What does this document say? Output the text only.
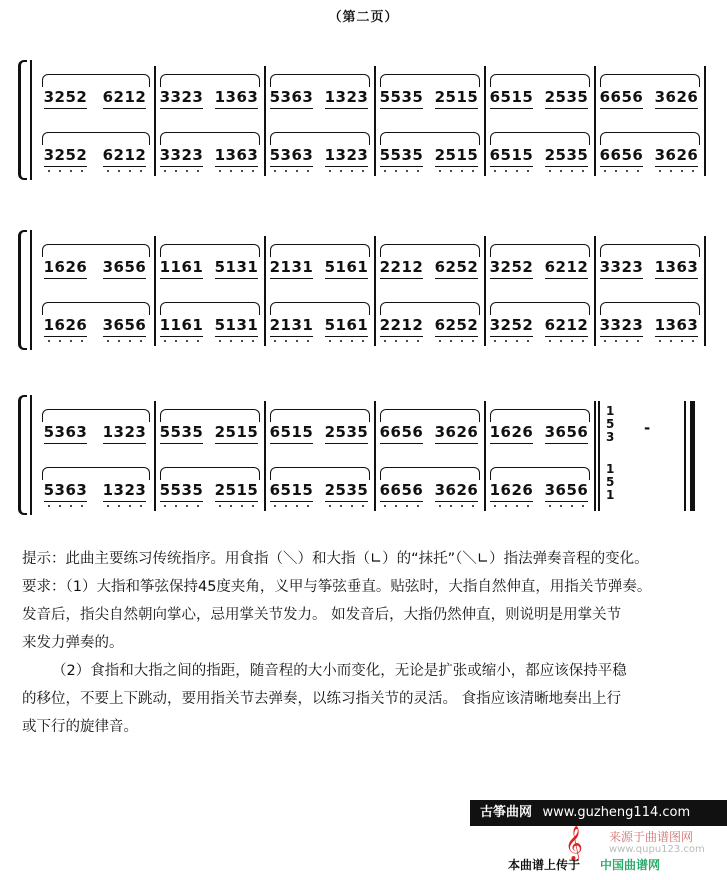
（第二页）
3252 6212
3252 6212
3323 1363
3323 1363
5363 1323
5363 1323
5535 2515
5535 2515
6515 2535
6515 2535
6656 3626
6656 3626
1626 3656
1626 3656
1161 5131
1161 5131
2131 5161
2131 5161
2212 6252
2212 6252
3252 6212
3252 6212
3323 1363
3323 1363
5363 1323
5363 1323
5535 2515
5535 2515
6515 2535
6515 2535
6656 3626
6656 3626
1626 3656
1626 3656
1
5
3
1
5
1
-

提示：此曲主要练习传统指序。用食指（＼）和大指（∟）的“抹托”（＼∟）指法弹奏音程的变化。

要求：（1）大指和筝弦保持45度夹角，义甲与筝弦垂直。贴弦时，大指自然伸直，用指关节弹奏。

发音后，指尖自然朝向掌心，忌用掌关节发力。 如发音后，大指仍然伸直，则说明是用掌关节

来发力弹奏的。

（2）食指和大指之间的指距，随音程的大小而变化，无论是扩张或缩小，都应该保持平稳

的移位，不要上下跳动，要用指关节去弹奏，以练习指关节的灵活。 食指应该清晰地奏出上行

或下行的旋律音。

古筝曲网 www.guzheng114.com
𝄞 来源于曲谱图网
www.qupu123.com
本曲谱上传于 中国曲谱网
